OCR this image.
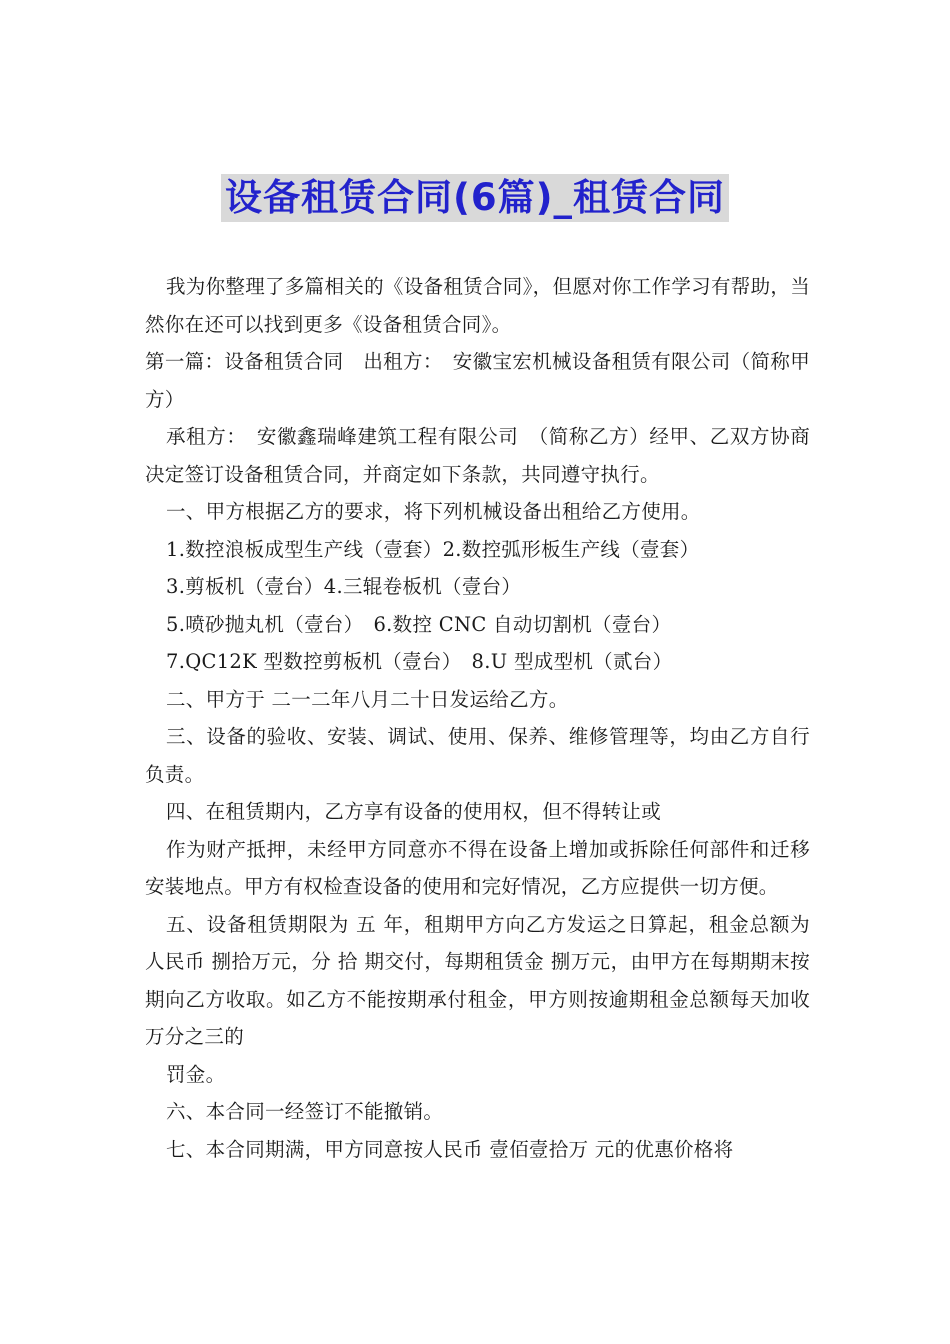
设备租赁合同(6篇)_租赁合同

我为你整理了多篇相关的《设备租赁合同》，但愿对你工作学习有帮助，当然你在还可以找到更多《设备租赁合同》。

第一篇：设备租赁合同　出租方：　安徽宝宏机械设备租赁有限公司（简称甲方）

承租方：　安徽鑫瑞峰建筑工程有限公司　（简称乙方）经甲、乙双方协商决定签订设备租赁合同，并商定如下条款，共同遵守执行。

一、甲方根据乙方的要求，将下列机械设备出租给乙方使用。

1.数控浪板成型生产线（壹套）2.数控弧形板生产线（壹套）

3.剪板机（壹台）4.三辊卷板机（壹台）

5.喷砂抛丸机（壹台）　6.数控 CNC 自动切割机（壹台）

7.QC12K 型数控剪板机（壹台）　8.U 型成型机（贰台）

二、甲方于 二一二年八月二十日发运给乙方。

三、设备的验收、安装、调试、使用、保养、维修管理等，均由乙方自行负责。

四、在租赁期内，乙方享有设备的使用权，但不得转让或

作为财产抵押，未经甲方同意亦不得在设备上增加或拆除任何部件和迁移安装地点。甲方有权检查设备的使用和完好情况，乙方应提供一切方便。

五、设备租赁期限为 五 年，租期甲方向乙方发运之日算起，租金总额为人民币 捌拾万元，分 拾 期交付，每期租赁金 捌万元，由甲方在每期期末按期向乙方收取。如乙方不能按期承付租金，甲方则按逾期租金总额每天加收万分之三的

罚金。

六、本合同一经签订不能撤销。

七、本合同期满，甲方同意按人民币 壹佰壹拾万 元的优惠价格将
